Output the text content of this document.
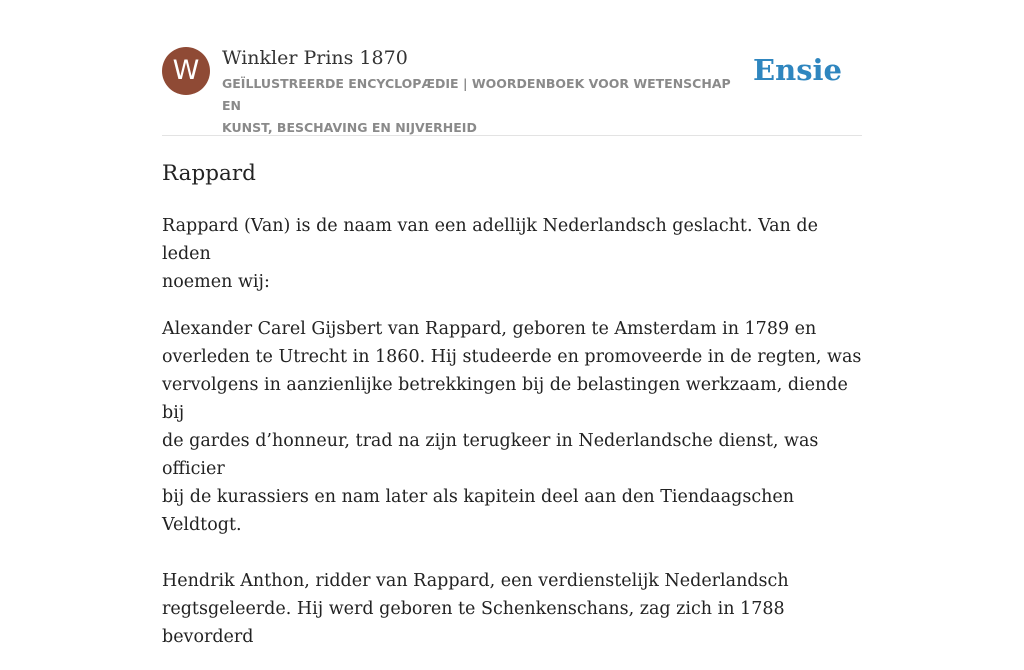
W	Winkler Prins 1870
GEÏLLUSTREERDE ENCYCLOPÆDIE | WOORDENBOEK VOOR WETENSCHAP EN
KUNST, BESCHAVING EN NIJVERHEID
Ensie
Rappard

Rappard (Van) is de naam van een adellijk Nederlandsch geslacht. Van de leden
noemen wij:

Alexander Carel Gijsbert van Rappard, geboren te Amsterdam in 1789 en
overleden te Utrecht in 1860. Hij studeerde en promoveerde in de regten, was
vervolgens in aanzienlijke betrekkingen bij de belastingen werkzaam, diende bij
de gardes d’honneur, trad na zijn terugkeer in Nederlandsche dienst, was officier
bij de kurassiers en nam later als kapitein deel aan den Tiendaagschen Veldtogt.

Hendrik Anthon, ridder van Rappard, een verdienstelijk Nederlandsch
regtsgeleerde. Hij werd geboren te Schenkenschans, zag zich in 1788 bevorderd
